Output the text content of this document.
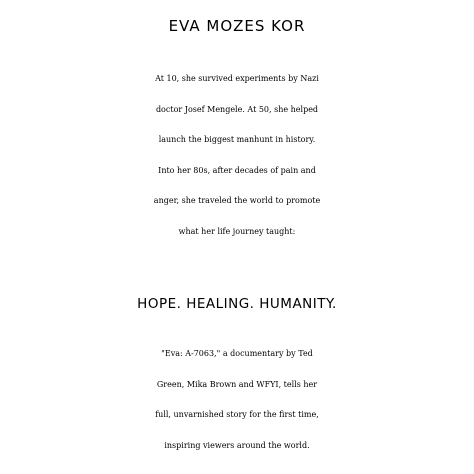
EVA MOZES KOR
At 10, she survived experiments by Nazi
doctor Josef Mengele. At 50, she helped
launch the biggest manhunt in history.
Into her 80s, after decades of pain and
anger, she traveled the world to promote
what her life journey taught:
HOPE. HEALING. HUMANITY.
"Eva: A-7063," a documentary by Ted
Green, Mika Brown and WFYI, tells her
full, unvarnished story for the first time,
inspiring viewers around the world.
